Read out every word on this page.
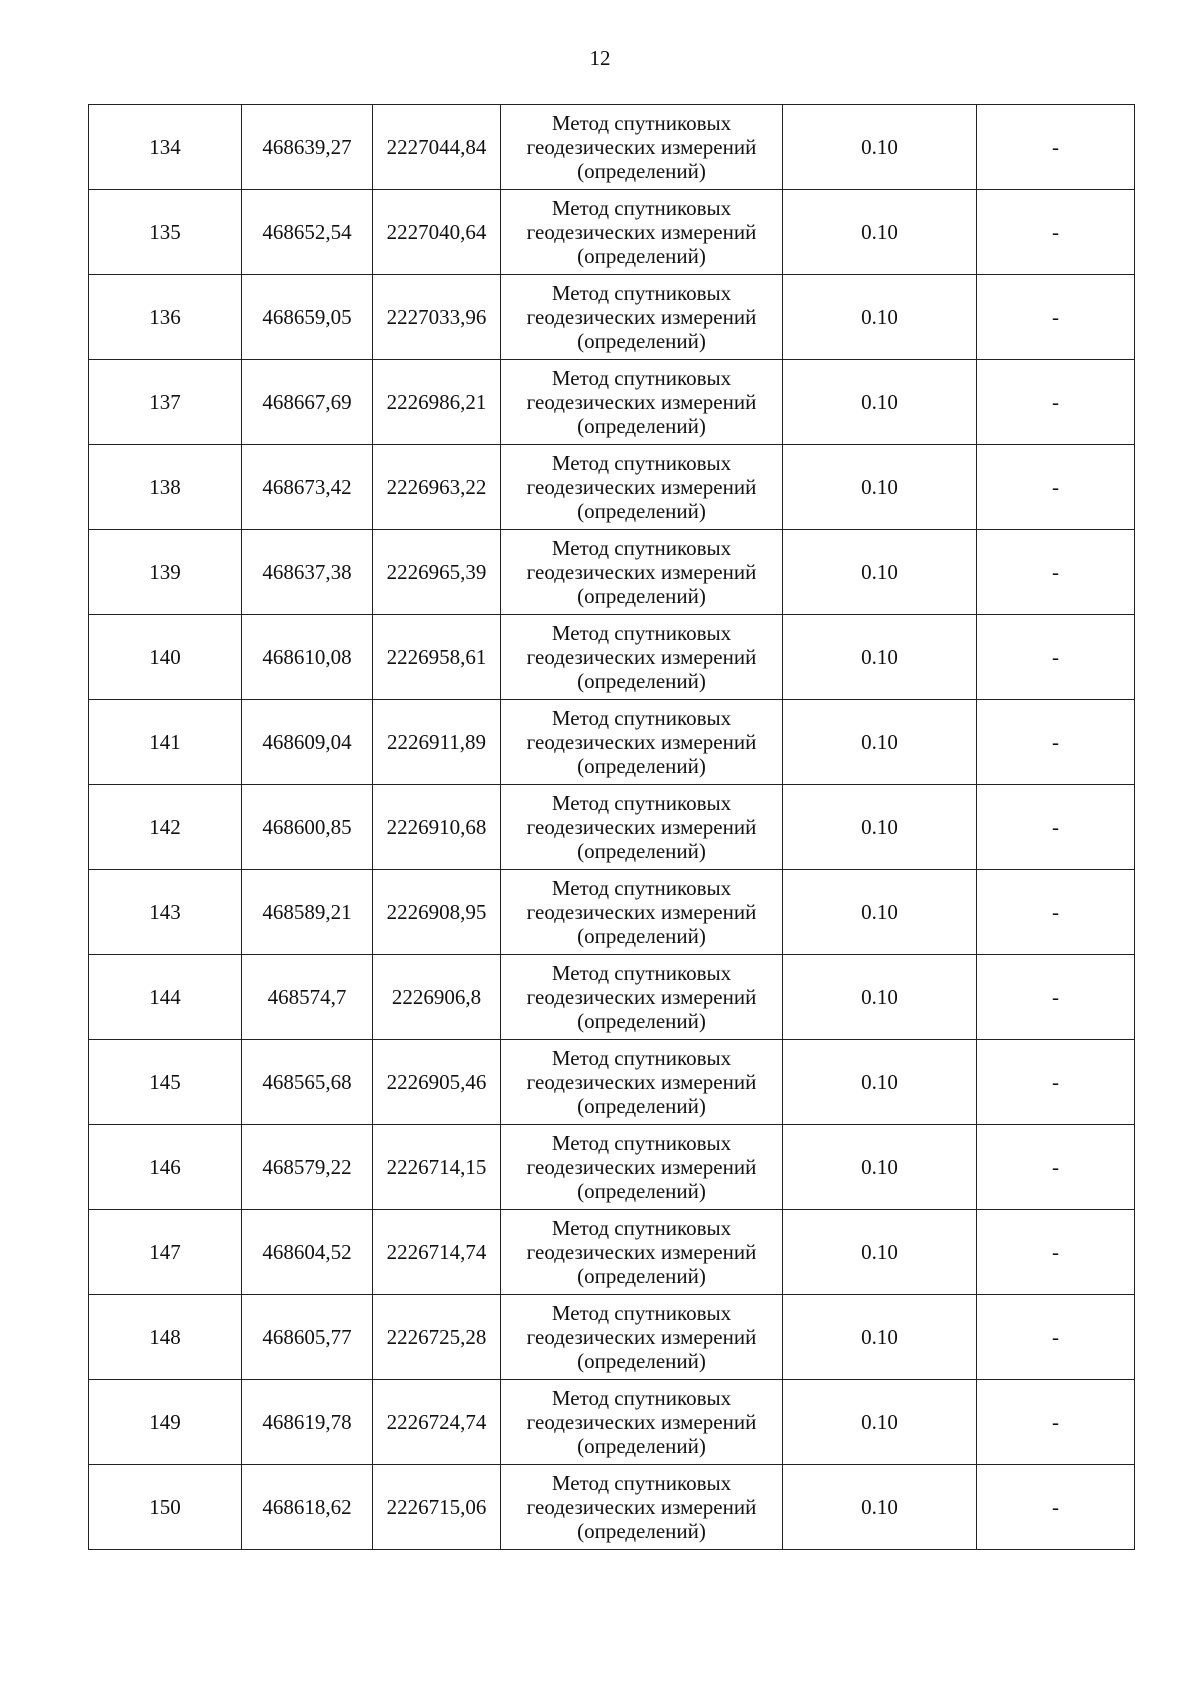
12
134	468639,27	2227044,84	Метод спутниковых
геодезических измерений
(определений)	0.10	-
135	468652,54	2227040,64	Метод спутниковых
геодезических измерений
(определений)	0.10	-
136	468659,05	2227033,96	Метод спутниковых
геодезических измерений
(определений)	0.10	-
137	468667,69	2226986,21	Метод спутниковых
геодезических измерений
(определений)	0.10	-
138	468673,42	2226963,22	Метод спутниковых
геодезических измерений
(определений)	0.10	-
139	468637,38	2226965,39	Метод спутниковых
геодезических измерений
(определений)	0.10	-
140	468610,08	2226958,61	Метод спутниковых
геодезических измерений
(определений)	0.10	-
141	468609,04	2226911,89	Метод спутниковых
геодезических измерений
(определений)	0.10	-
142	468600,85	2226910,68	Метод спутниковых
геодезических измерений
(определений)	0.10	-
143	468589,21	2226908,95	Метод спутниковых
геодезических измерений
(определений)	0.10	-
144	468574,7	2226906,8	Метод спутниковых
геодезических измерений
(определений)	0.10	-
145	468565,68	2226905,46	Метод спутниковых
геодезических измерений
(определений)	0.10	-
146	468579,22	2226714,15	Метод спутниковых
геодезических измерений
(определений)	0.10	-
147	468604,52	2226714,74	Метод спутниковых
геодезических измерений
(определений)	0.10	-
148	468605,77	2226725,28	Метод спутниковых
геодезических измерений
(определений)	0.10	-
149	468619,78	2226724,74	Метод спутниковых
геодезических измерений
(определений)	0.10	-
150	468618,62	2226715,06	Метод спутниковых
геодезических измерений
(определений)	0.10	-
